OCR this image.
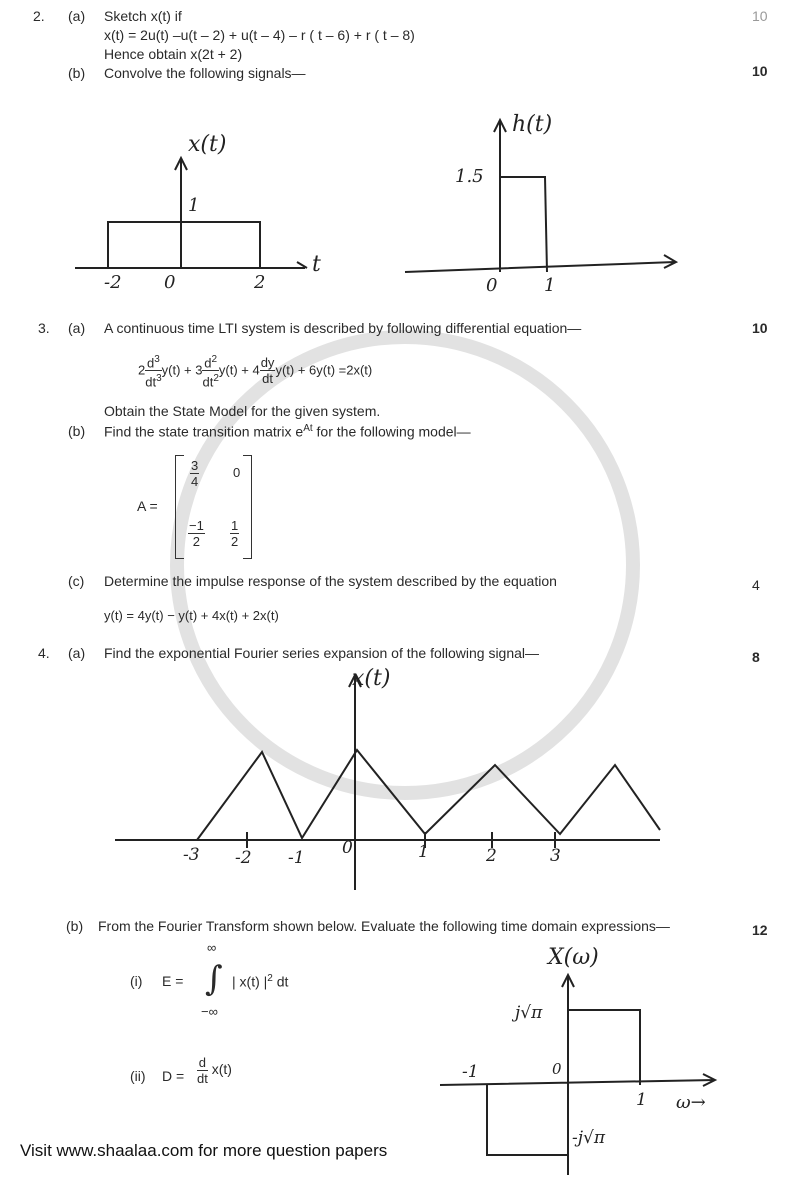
2. (a) Sketch x(t) if
x(t) = 2u(t) –u(t – 2) + u(t – 4) – r ( t – 6) + r ( t – 8)
Hence obtain x(2t + 2)
10
(b) Convolve the following signals—	10
x(t)
1
-2 0	2
t
h(t)
1.5
0	1
3. (a) A continuous time LTI system is described by following differential equation—	10
$2 \frac{d^3}{dt^3} y(t) + 3 \frac{d^2}{dt^2} y(t) + 4 \frac{dy}{dt} y(t) + 6y(t) =2x(t)$
Obtain the State Model for the given system.
(b) Find the state transition matrix $e^{At}$ for the following model—
A =
$\frac{3}{4}$	0
$\frac{-1}{2} \frac{1}{2}$
(c) Determine the impulse response of the system described by the equation	4
y(t) = 4y(t) − y(t) + 4x(t) + 2x(t)
4. (a) Find the exponential Fourier series expansion of the following signal—	8
x(t)
-3 -2 -1 0	1	2	3
(b) From the Fourier Transform shown below. Evaluate the following time domain expressions—	12
(i) E =
∞
∫
−∞
| x(t) $|^2$ dt
(ii) $D = \frac{d}{dt} x(t)$
X(ω)
j√π
-j√π
-1	0
1 ω→
Visit www.shaalaa.com for more question papers
